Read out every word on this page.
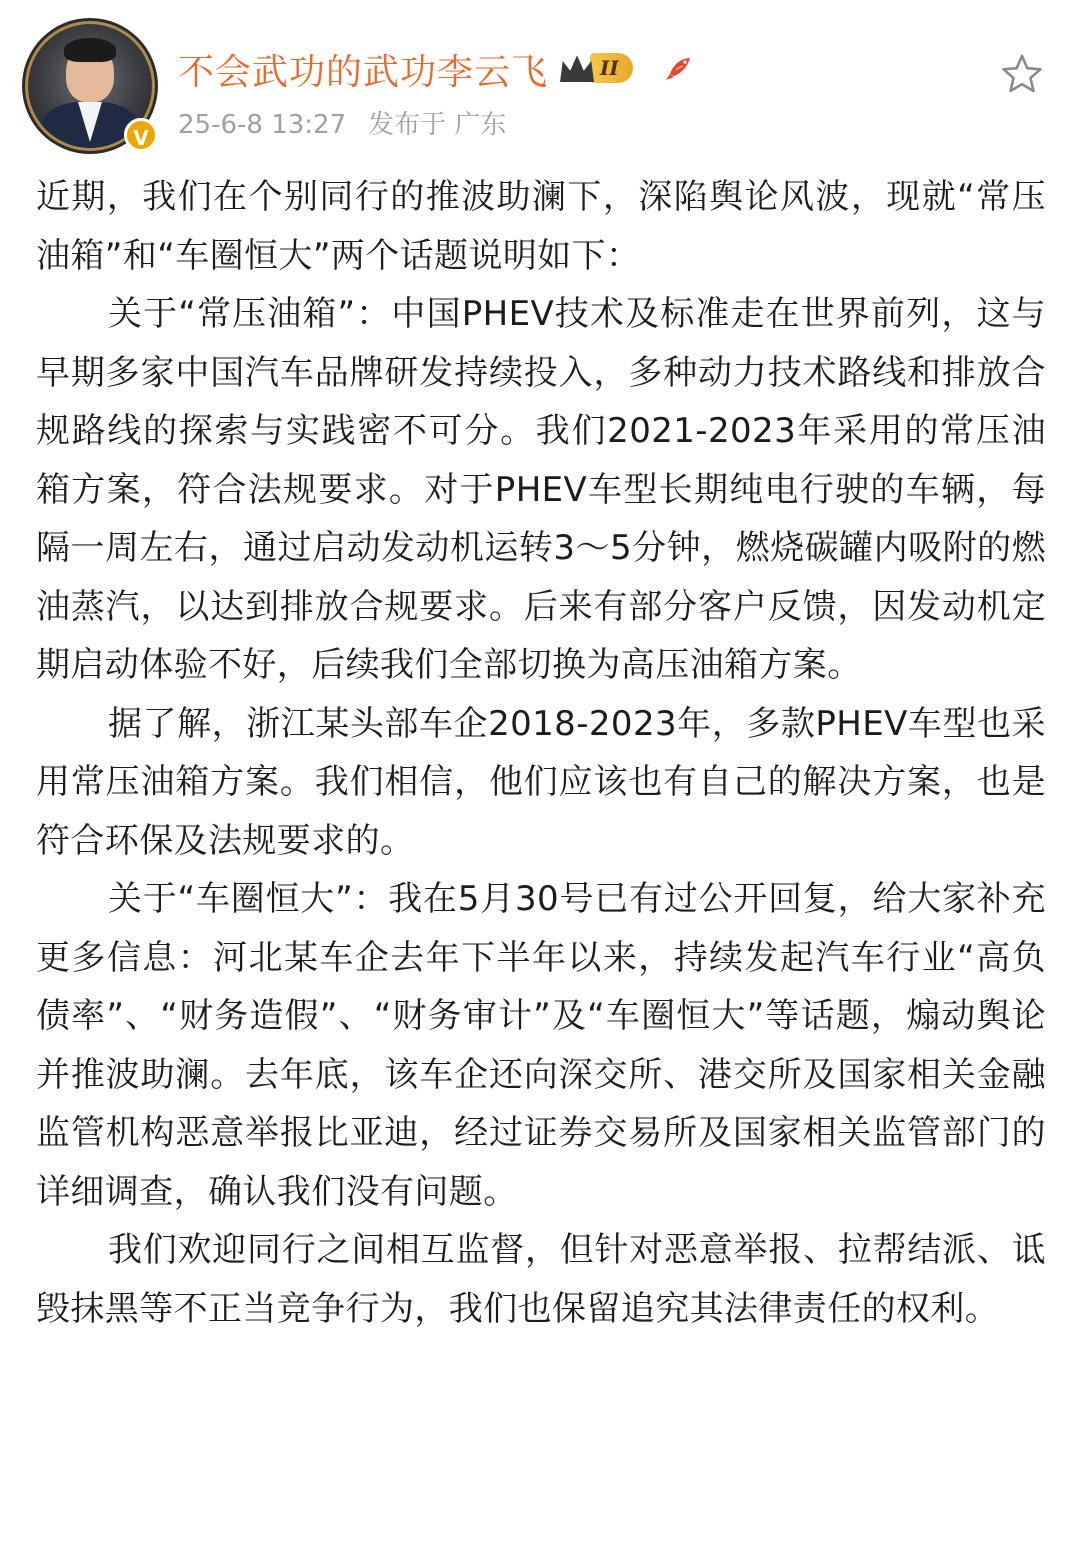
V
不会武功的武功李云飞	II
25-6-8 13:27 发布于 广东

近期，我们在个别同行的推波助澜下，深陷舆论风波，现就“常压油箱”和“车圈恒大”两个话题说明如下：

关于“常压油箱”：中国PHEV技术及标准走在世界前列，这与早期多家中国汽车品牌研发持续投入，多种动力技术路线和排放合规路线的探索与实践密不可分。我们2021-2023年采用的常压油箱方案，符合法规要求。对于PHEV车型长期纯电行驶的车辆，每隔一周左右，通过启动发动机运转3～5分钟，燃烧碳罐内吸附的燃油蒸汽，以达到排放合规要求。后来有部分客户反馈，因发动机定期启动体验不好，后续我们全部切换为高压油箱方案。

据了解，浙江某头部车企2018-2023年，多款PHEV车型也采用常压油箱方案。我们相信，他们应该也有自己的解决方案，也是符合环保及法规要求的。

关于“车圈恒大”：我在5月30号已有过公开回复，给大家补充更多信息：河北某车企去年下半年以来，持续发起汽车行业“高负债率”、“财务造假”、“财务审计”及“车圈恒大”等话题，煽动舆论并推波助澜。去年底，该车企还向深交所、港交所及国家相关金融监管机构恶意举报比亚迪，经过证券交易所及国家相关监管部门的详细调查，确认我们没有问题。

我们欢迎同行之间相互监督，但针对恶意举报、拉帮结派、诋毁抹黑等不正当竞争行为，我们也保留追究其法律责任的权利。
